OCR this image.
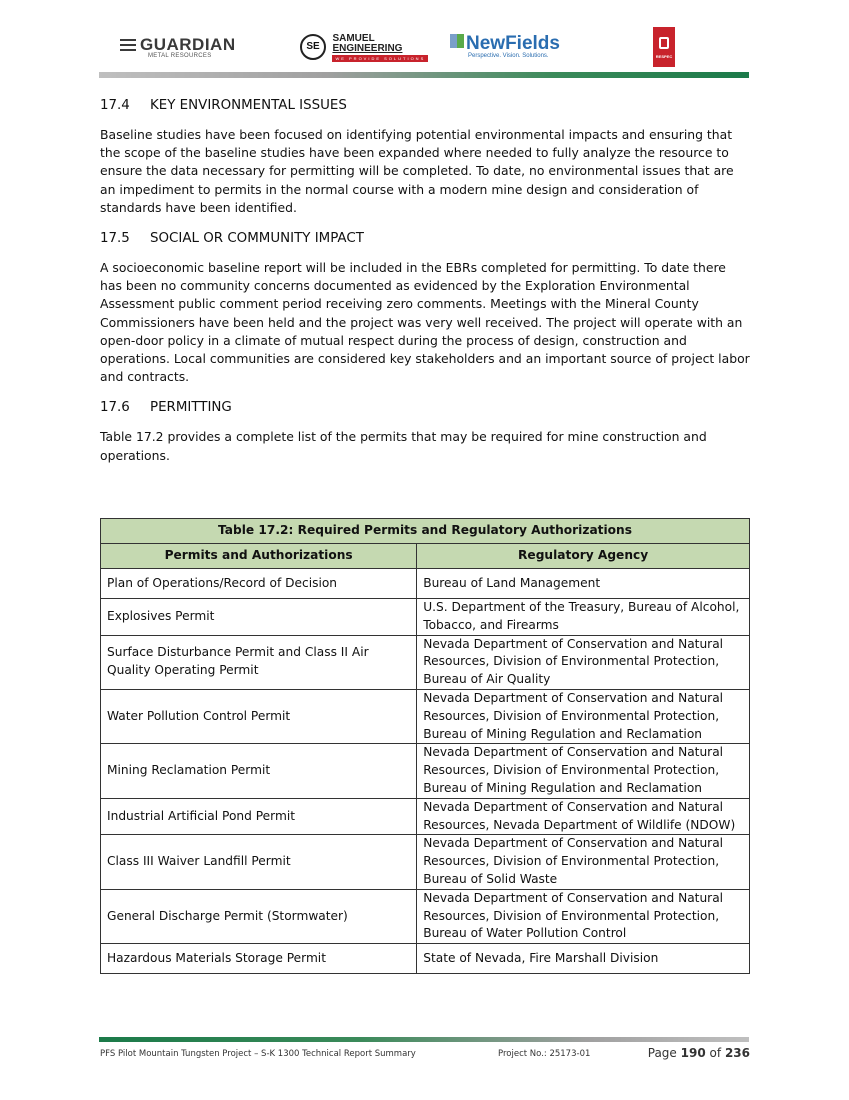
GUARDIAN
METAL RESOURCES
SE
SAMUEL
ENGINEERING
WE PROVIDE SOLUTIONS
NewFields
Perspective. Vision. Solutions.	RESPEC
17.4 KEY ENVIRONMENTAL ISSUES

Baseline studies have been focused on identifying potential environmental impacts and ensuring that the scope of the baseline studies have been expanded where needed to fully analyze the resource to ensure the data necessary for permitting will be completed. To date, no environmental issues that are an impediment to permits in the normal course with a modern mine design and consideration of standards have been identified.

17.5 SOCIAL OR COMMUNITY IMPACT

A socioeconomic baseline report will be included in the EBRs completed for permitting. To date there has been no community concerns documented as evidenced by the Exploration Environmental Assessment public comment period receiving zero comments. Meetings with the Mineral County Commissioners have been held and the project was very well received. The project will operate with an open-door policy in a climate of mutual respect during the process of design, construction and operations. Local communities are considered key stakeholders and an important source of project labor and contracts.

17.6 PERMITTING

Table 17.2 provides a complete list of the permits that may be required for mine construction and operations.

Table 17.2: Required Permits and Regulatory Authorizations	
Permits and Authorizations	Regulatory Agency
Plan of Operations/Record of Decision	Bureau of Land Management
Explosives Permit	U.S. Department of the Treasury, Bureau of Alcohol, Tobacco, and Firearms
Surface Disturbance Permit and Class II Air Quality Operating Permit	Nevada Department of Conservation and Natural Resources, Division of Environmental Protection, Bureau of Air Quality
Water Pollution Control Permit	Nevada Department of Conservation and Natural Resources, Division of Environmental Protection, Bureau of Mining Regulation and Reclamation
Mining Reclamation Permit	Nevada Department of Conservation and Natural Resources, Division of Environmental Protection, Bureau of Mining Regulation and Reclamation
Industrial Artificial Pond Permit	Nevada Department of Conservation and Natural Resources, Nevada Department of Wildlife (NDOW)
Class III Waiver Landfill Permit	Nevada Department of Conservation and Natural Resources, Division of Environmental Protection, Bureau of Solid Waste
General Discharge Permit (Stormwater)	Nevada Department of Conservation and Natural Resources, Division of Environmental Protection, Bureau of Water Pollution Control
Hazardous Materials Storage Permit	State of Nevada, Fire Marshall Division
PFS Pilot Mountain Tungsten Project – S-K 1300 Technical Report Summary	Project No.: 25173-01	Page 190 of 236
